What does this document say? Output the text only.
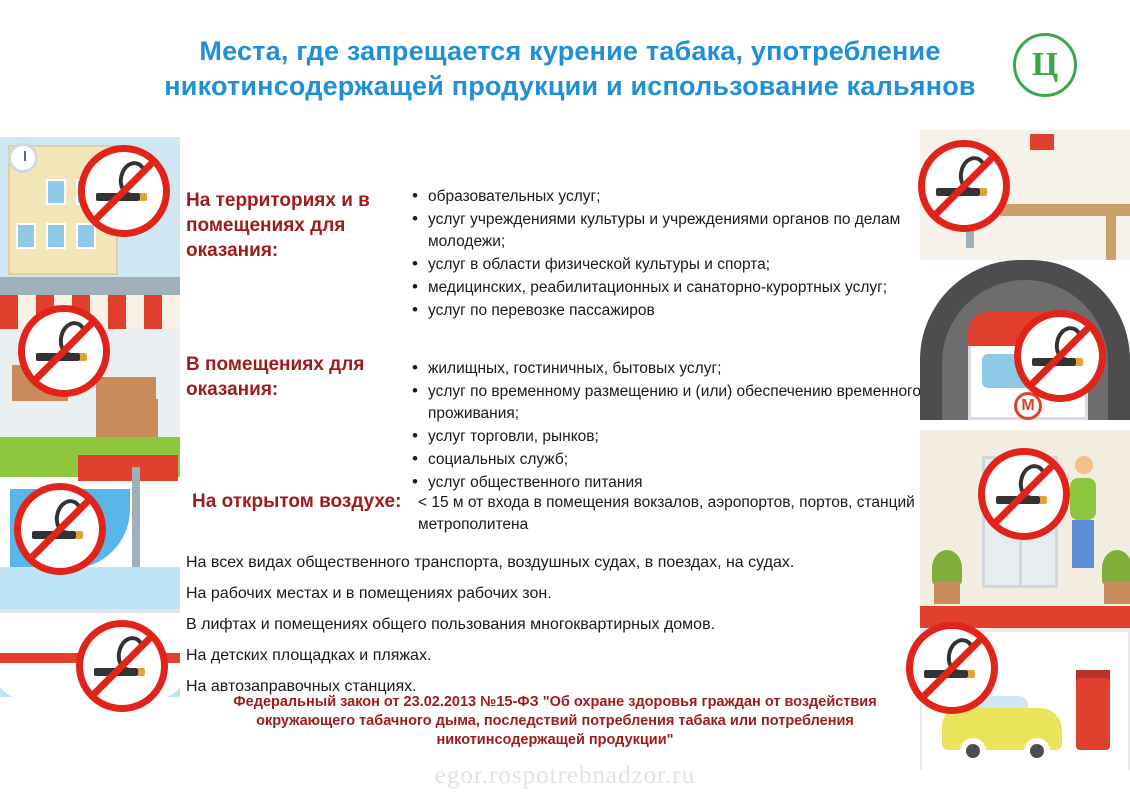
М
Места, где запрещается курение табака, употребление никотинсодержащей продукции и использование кальянов
Ц
На территориях и в помещениях для оказания:
• образовательных услуг;
• услуг учреждениями культуры и учреждениями органов по делам молодежи;
• услуг в области физической культуры и спорта;
• медицинских, реабилитационных и санаторно-курортных услуг;
• услуг по перевозке пассажиров
В помещениях для оказания:
• жилищных, гостиничных, бытовых услуг;
• услуг по временному размещению и (или) обеспечению временного проживания;
• услуг торговли, рынков;
• социальных служб;
• услуг общественного питания
На открытом воздухе: < 15 м от входа в помещения вокзалов, аэропортов, портов, станций метрополитена

На всех видах общественного транспорта, воздушных судах, в поездах, на судах.

На рабочих местах и в помещениях рабочих зон.

В лифтах и помещениях общего пользования многоквартирных домов.

На детских площадках и пляжах.

На автозаправочных станциях.

Федеральный закон от 23.02.2013 №15-ФЗ "Об охране здоровья граждан от воздействия окружающего табачного дыма, последствий потребления табака или потребления никотинсодержащей продукции"
egor.rospotrebnadzor.ru
